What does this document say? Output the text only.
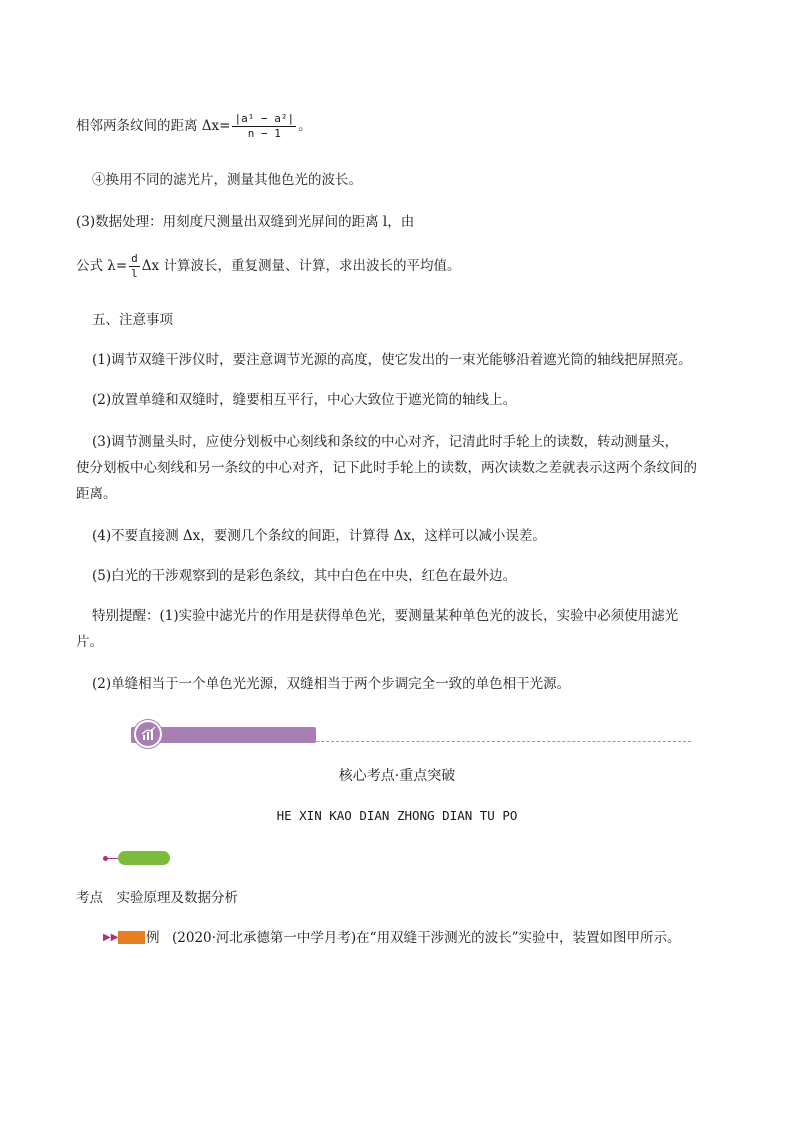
相邻两条纹间的距离 $\Delta x= \frac{\text{|a¹ − a²|}}{n - 1}$ 。
④换用不同的滤光片，测量其他色光的波长。
(3)数据处理：用刻度尺测量出双缝到光屏间的距离 l，由
公式 $\lambda= \frac{d}{l}$ Δx 计算波长，重复测量、计算，求出波长的平均值。
五、注意事项
(1)调节双缝干涉仪时，要注意调节光源的高度，使它发出的一束光能够沿着遮光筒的轴线把屏照亮。
(2)放置单缝和双缝时，缝要相互平行，中心大致位于遮光筒的轴线上。
(3)调节测量头时，应使分划板中心刻线和条纹的中心对齐，记清此时手轮上的读数，转动测量头，
使分划板中心刻线和另一条纹的中心对齐，记下此时手轮上的读数，两次读数之差就表示这两个条纹间的
距离。
(4)不要直接测 Δx，要测几个条纹的间距，计算得 Δx，这样可以减小误差。
(5)白光的干涉观察到的是彩色条纹，其中白色在中央，红色在最外边。
特别提醒：(1)实验中滤光片的作用是获得单色光，要测量某种单色光的波长，实验中必须使用滤光
片。
(2)单缝相当于一个单色光光源，双缝相当于两个步调完全一致的单色相干光源。
核心考点·重点突破
HE XIN KAO DIAN ZHONG DIAN TU PO
考点　实验原理及数据分析
▶▶ 例 (2020·河北承德第一中学月考)在“用双缝干涉测光的波长”实验中，装置如图甲所示。
